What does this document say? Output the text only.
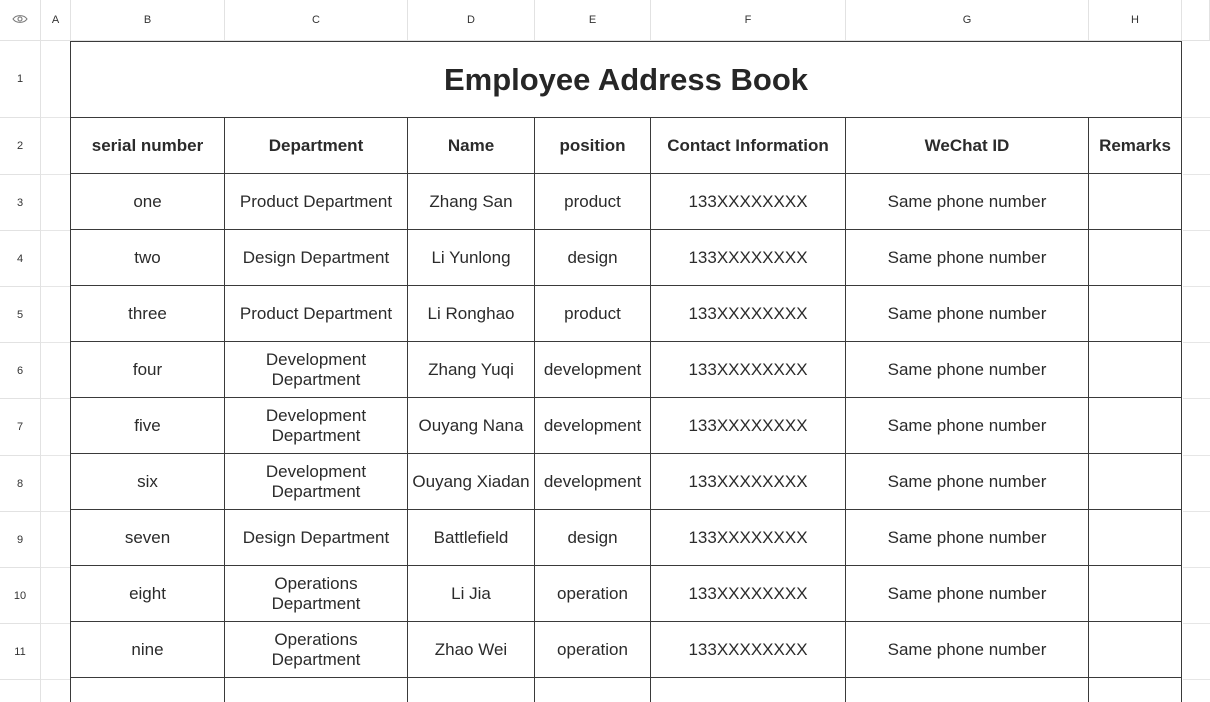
A	B	C	D	E	F	G	H
1
2
3
4
5
6
7
8
9
10
11
Employee Address Book						
serial number	Department	Name	position	Contact Information	WeChat ID	Remarks
one	Product Department	Zhang San	product	133XXXXXXXX	Same phone number	
two	Design Department	Li Yunlong	design	133XXXXXXXX	Same phone number	
three	Product Department	Li Ronghao	product	133XXXXXXXX	Same phone number	
four	Development Department	Zhang Yuqi	development	133XXXXXXXX	Same phone number	
five	Development Department	Ouyang Nana	development	133XXXXXXXX	Same phone number	
six	Development Department	Ouyang Xiadan	development	133XXXXXXXX	Same phone number	
seven	Design Department	Battlefield	design	133XXXXXXXX	Same phone number	
eight	Operations Department	Li Jia	operation	133XXXXXXXX	Same phone number	
nine	Operations Department	Zhao Wei	operation	133XXXXXXXX	Same phone number	
